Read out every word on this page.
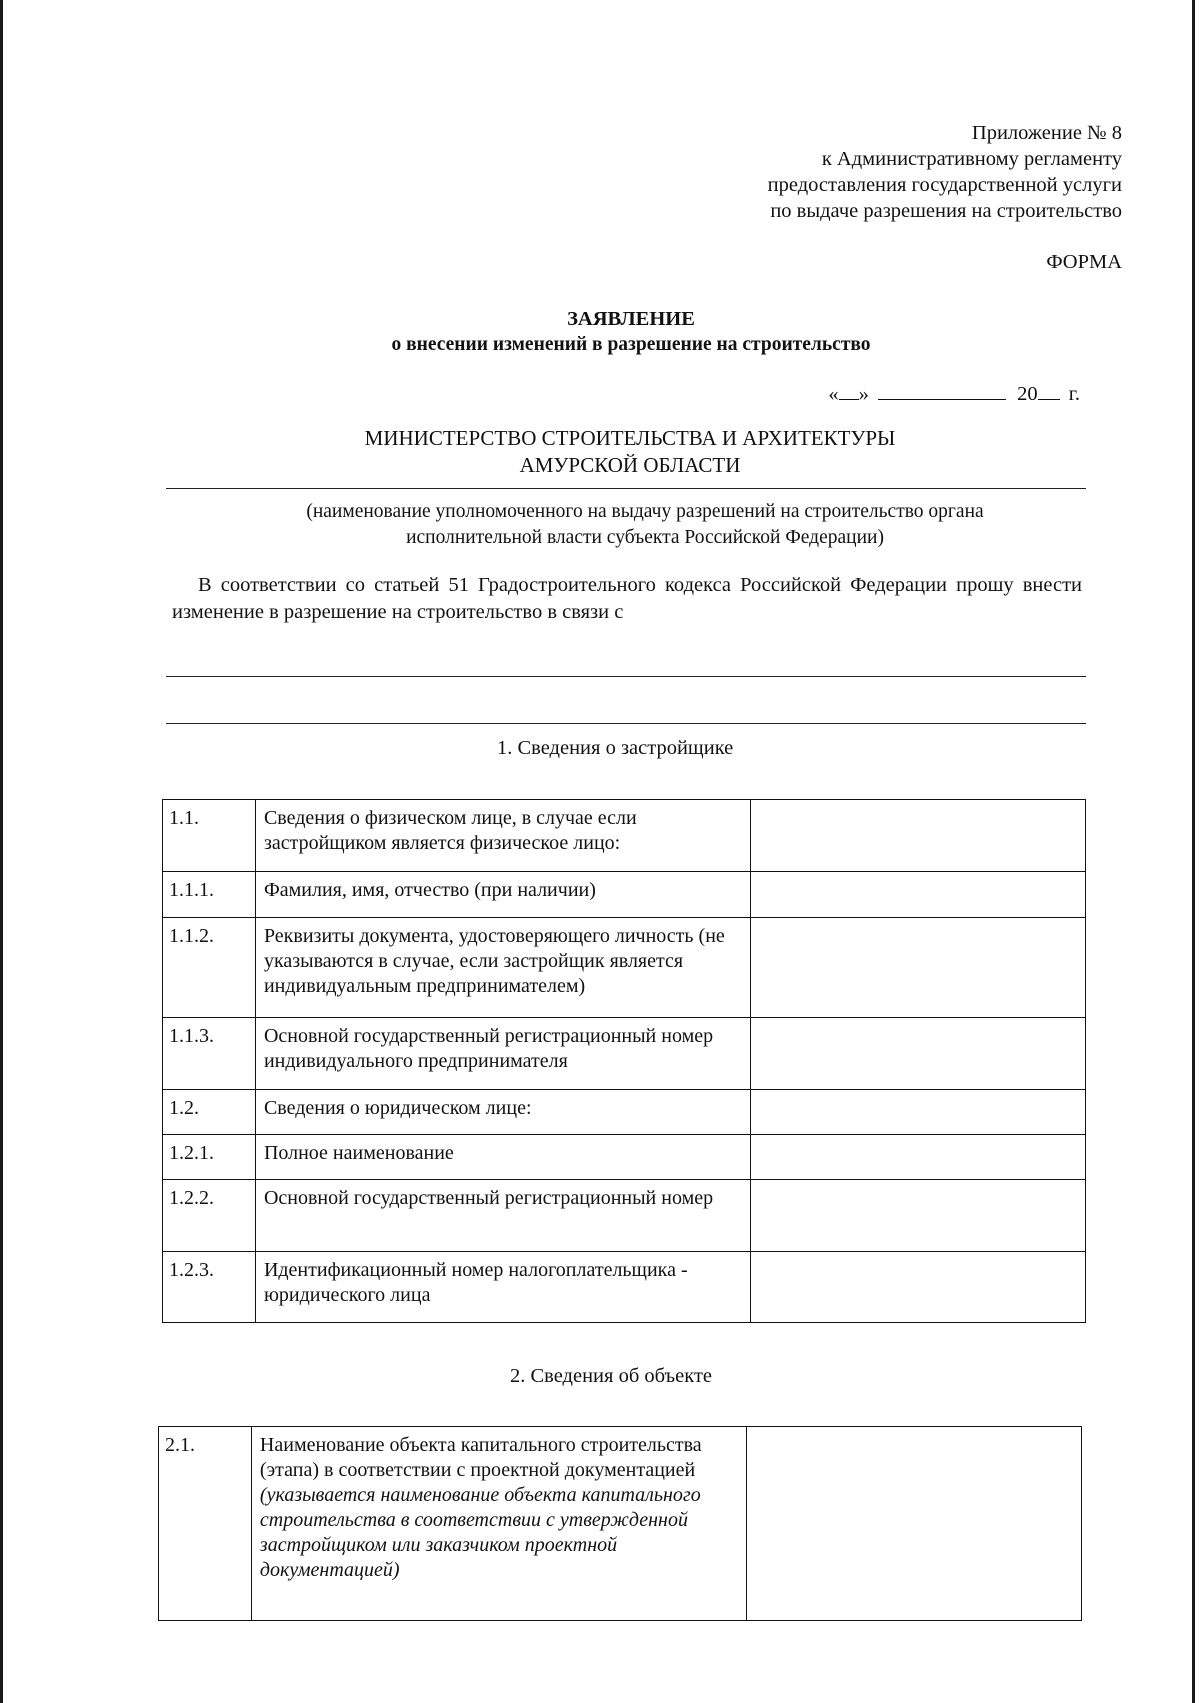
Приложение № 8
к Административному регламенту
предоставления государственной услуги
по выдаче разрешения на строительство
ФОРМА
ЗАЯВЛЕНИЕ
о внесении изменений в разрешение на строительство
« »	20 г.
МИНИСТЕРСТВО СТРОИТЕЛЬСТВА И АРХИТЕКТУРЫ
АМУРСКОЙ ОБЛАСТИ
(наименование уполномоченного на выдачу разрешений на строительство органа
исполнительной власти субъекта Российской Федерации)
В соответствии со статьей 51 Градостроительного кодекса Российской Федерации прошу внести изменение в разрешение на строительство в связи с
1. Сведения о застройщике
1.1.	Сведения о физическом лице, в случае если застройщиком является физическое лицо:	
1.1.1.	Фамилия, имя, отчество (при наличии)	
1.1.2.	Реквизиты документа, удостоверяющего личность (не указываются в случае, если застройщик является индивидуальным предпринимателем)	
1.1.3.	Основной государственный регистрационный номер индивидуального предпринимателя	
1.2.	Сведения о юридическом лице:	
1.2.1.	Полное наименование	
1.2.2.	Основной государственный регистрационный номер	
1.2.3.	Идентификационный номер налогоплательщика - юридического лица	
2. Сведения об объекте
2.1.	Наименование объекта капитального строительства (этапа) в соответствии с проектной документацией
(указывается наименование объекта капитального строительства в соответствии с утвержденной застройщиком или заказчиком проектной документацией)
